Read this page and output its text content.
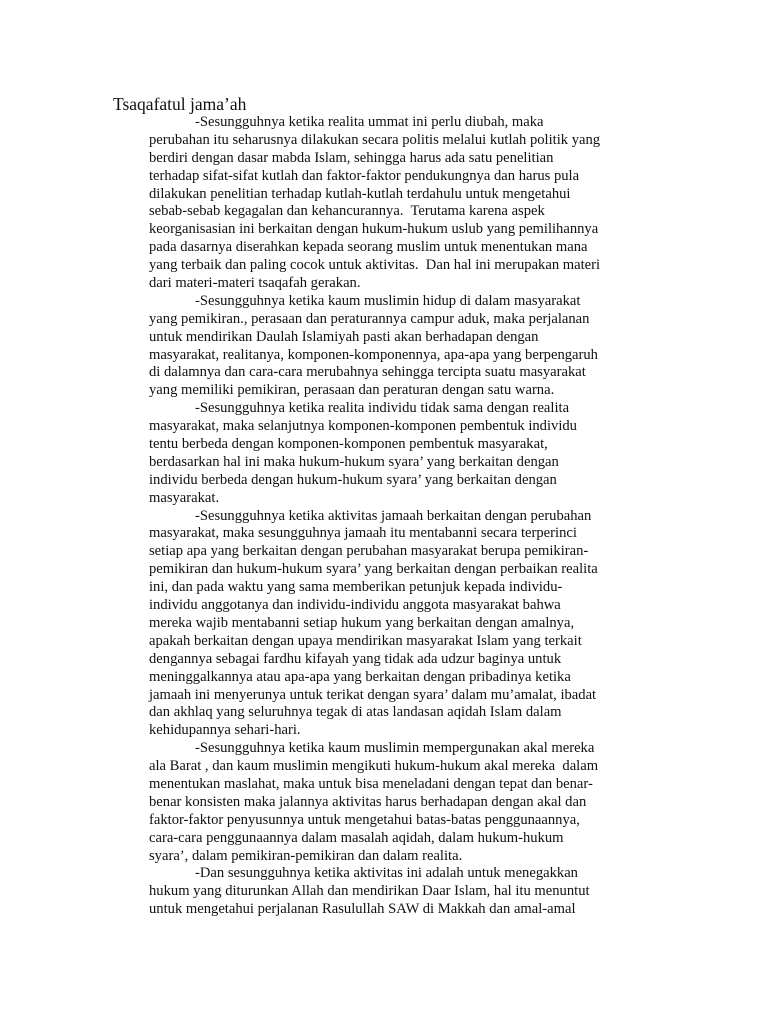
Tsaqafatul jama’ah
-Sesungguhnya ketika realita ummat ini perlu diubah, maka
perubahan itu seharusnya dilakukan secara politis melalui kutlah politik yang
berdiri dengan dasar mabda Islam, sehingga harus ada satu penelitian
terhadap sifat-sifat kutlah dan faktor-faktor pendukungnya dan harus pula
dilakukan penelitian terhadap kutlah-kutlah terdahulu untuk mengetahui
sebab-sebab kegagalan dan kehancurannya.  Terutama karena aspek
keorganisasian ini berkaitan dengan hukum-hukum uslub yang pemilihannya
pada dasarnya diserahkan kepada seorang muslim untuk menentukan mana
yang terbaik dan paling cocok untuk aktivitas.  Dan hal ini merupakan materi
dari materi-materi tsaqafah gerakan.
-Sesungguhnya ketika kaum muslimin hidup di dalam masyarakat
yang pemikiran., perasaan dan peraturannya campur aduk, maka perjalanan
untuk mendirikan Daulah Islamiyah pasti akan berhadapan dengan
masyarakat, realitanya, komponen-komponennya, apa-apa yang berpengaruh
di dalamnya dan cara-cara merubahnya sehingga tercipta suatu masyarakat
yang memiliki pemikiran, perasaan dan peraturan dengan satu warna.
-Sesungguhnya ketika realita individu tidak sama dengan realita
masyarakat, maka selanjutnya komponen-komponen pembentuk individu
tentu berbeda dengan komponen-komponen pembentuk masyarakat,
berdasarkan hal ini maka hukum-hukum syara’ yang berkaitan dengan
individu berbeda dengan hukum-hukum syara’ yang berkaitan dengan
masyarakat.
-Sesungguhnya ketika aktivitas jamaah berkaitan dengan perubahan
masyarakat, maka sesungguhnya jamaah itu mentabanni secara terperinci
setiap apa yang berkaitan dengan perubahan masyarakat berupa pemikiran-
pemikiran dan hukum-hukum syara’ yang berkaitan dengan perbaikan realita
ini, dan pada waktu yang sama memberikan petunjuk kepada individu-
individu anggotanya dan individu-individu anggota masyarakat bahwa
mereka wajib mentabanni setiap hukum yang berkaitan dengan amalnya,
apakah berkaitan dengan upaya mendirikan masyarakat Islam yang terkait
dengannya sebagai fardhu kifayah yang tidak ada udzur baginya untuk
meninggalkannya atau apa-apa yang berkaitan dengan pribadinya ketika
jamaah ini menyerunya untuk terikat dengan syara’ dalam mu’amalat, ibadat
dan akhlaq yang seluruhnya tegak di atas landasan aqidah Islam dalam
kehidupannya sehari-hari.
-Sesungguhnya ketika kaum muslimin mempergunakan akal mereka
ala Barat , dan kaum muslimin mengikuti hukum-hukum akal mereka  dalam
menentukan maslahat, maka untuk bisa meneladani dengan tepat dan benar-
benar konsisten maka jalannya aktivitas harus berhadapan dengan akal dan
faktor-faktor penyusunnya untuk mengetahui batas-batas penggunaannya,
cara-cara penggunaannya dalam masalah aqidah, dalam hukum-hukum
syara’, dalam pemikiran-pemikiran dan dalam realita.
-Dan sesungguhnya ketika aktivitas ini adalah untuk menegakkan
hukum yang diturunkan Allah dan mendirikan Daar Islam, hal itu menuntut
untuk mengetahui perjalanan Rasulullah SAW di Makkah dan amal-amal
